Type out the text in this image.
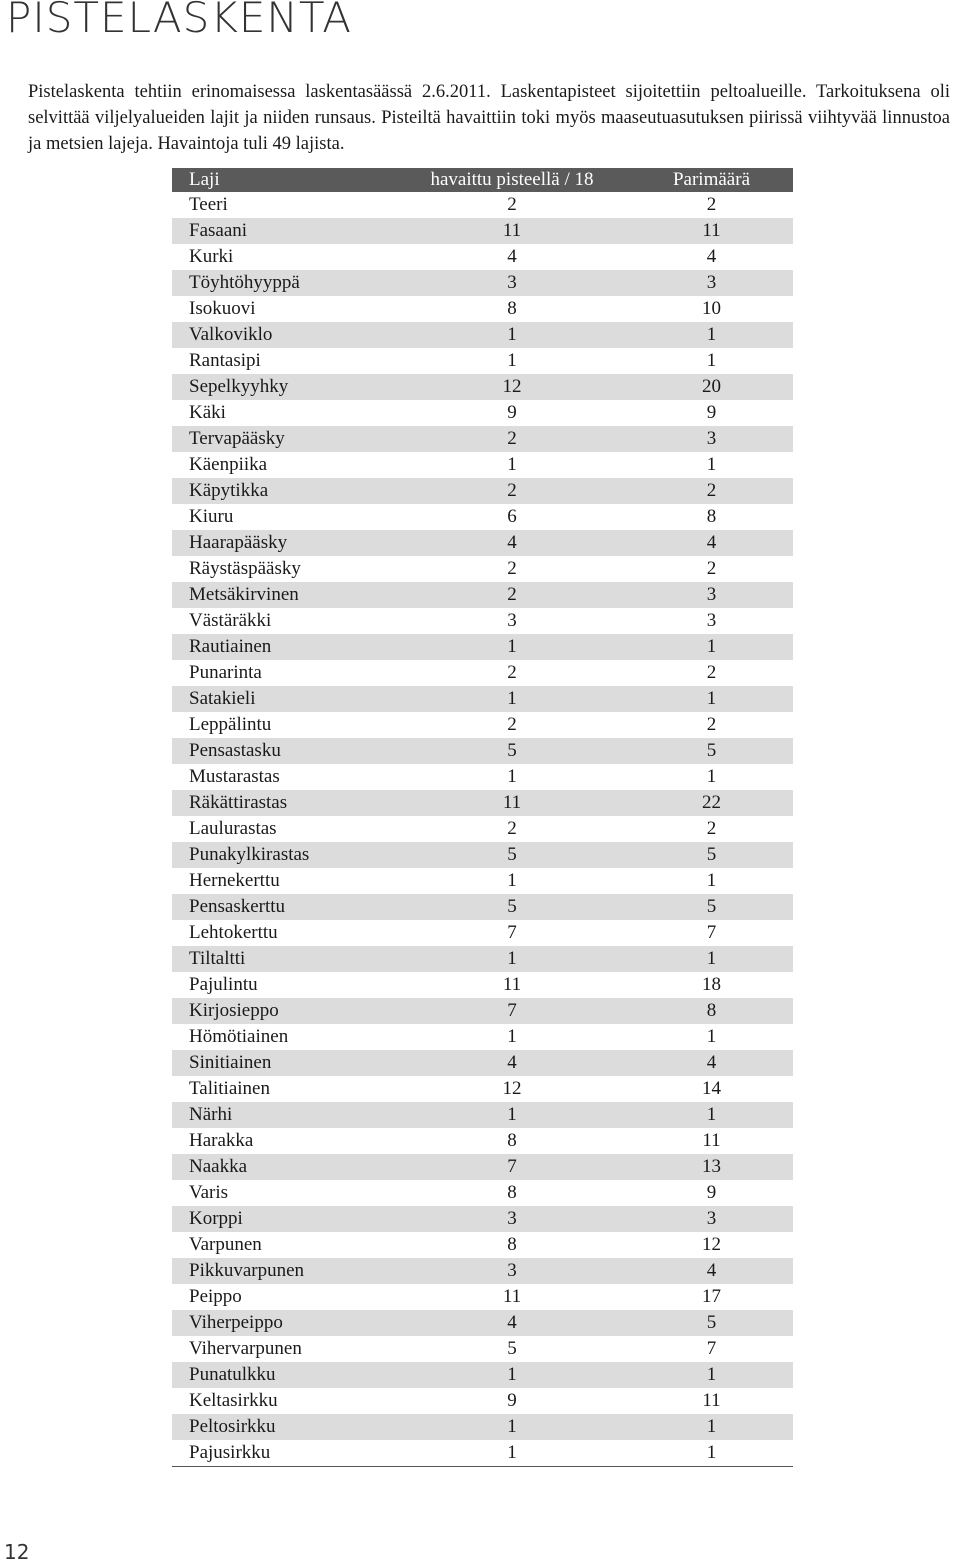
PISTELASKENTA

Pistelaskenta tehtiin erinomaisessa laskentasäässä 2.6.2011. Laskentapisteet sijoitettiin peltoalueille. Tarkoituksena oli selvittää viljelyalueiden lajit ja niiden runsaus. Pisteiltä havaittiin toki myös maaseutuasutuksen piirissä viihtyvää linnustoa ja metsien lajeja. Havaintoja tuli 49 lajista.

Laji	havaittu pisteellä / 18	Parimäärä
Teeri	2	2
Fasaani	11	11
Kurki	4	4
Töyhtöhyyppä	3	3
Isokuovi	8	10
Valkoviklo	1	1
Rantasipi	1	1
Sepelkyyhky	12	20
Käki	9	9
Tervapääsky	2	3
Käenpiika	1	1
Käpytikka	2	2
Kiuru	6	8
Haarapääsky	4	4
Räystäspääsky	2	2
Metsäkirvinen	2	3
Västäräkki	3	3
Rautiainen	1	1
Punarinta	2	2
Satakieli	1	1
Leppälintu	2	2
Pensastasku	5	5
Mustarastas	1	1
Räkättirastas	11	22
Laulurastas	2	2
Punakylkirastas	5	5
Hernekerttu	1	1
Pensaskerttu	5	5
Lehtokerttu	7	7
Tiltaltti	1	1
Pajulintu	11	18
Kirjosieppo	7	8
Hömötiainen	1	1
Sinitiainen	4	4
Talitiainen	12	14
Närhi	1	1
Harakka	8	11
Naakka	7	13
Varis	8	9
Korppi	3	3
Varpunen	8	12
Pikkuvarpunen	3	4
Peippo	11	17
Viherpeippo	4	5
Vihervarpunen	5	7
Punatulkku	1	1
Keltasirkku	9	11
Peltosirkku	1	1
Pajusirkku	1	1
12
